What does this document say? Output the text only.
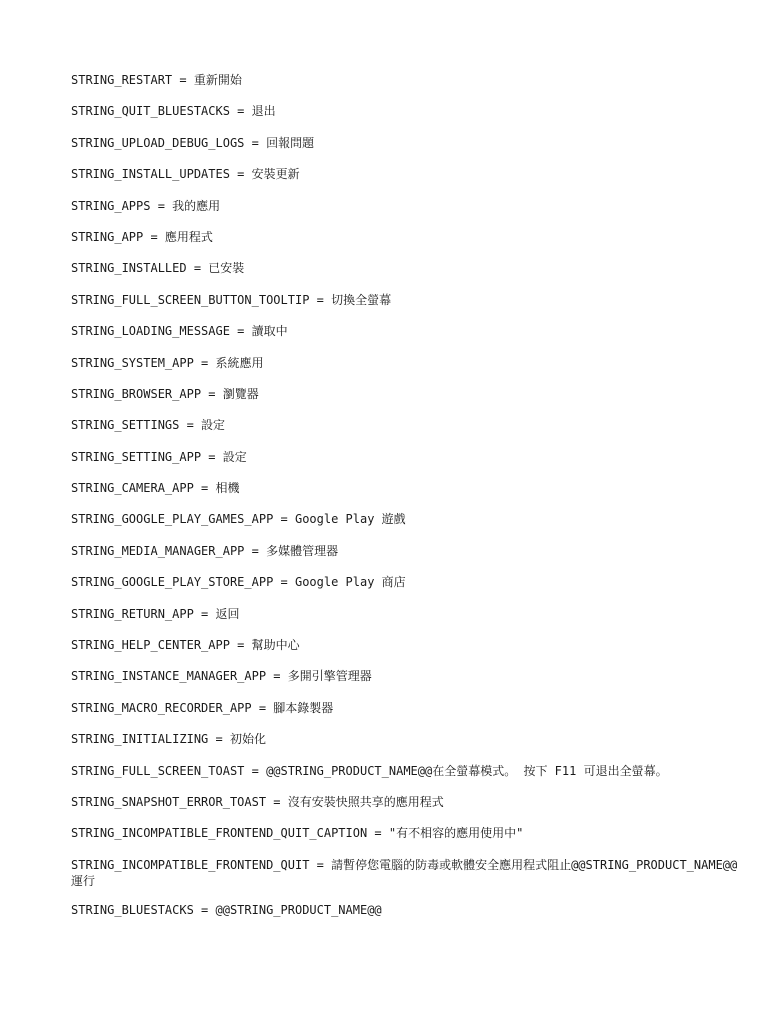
STRING_RESTART = 重新開始

STRING_QUIT_BLUESTACKS = 退出

STRING_UPLOAD_DEBUG_LOGS = 回報問題

STRING_INSTALL_UPDATES = 安裝更新

STRING_APPS = 我的應用

STRING_APP = 應用程式

STRING_INSTALLED = 已安裝

STRING_FULL_SCREEN_BUTTON_TOOLTIP = 切換全螢幕

STRING_LOADING_MESSAGE = 讀取中

STRING_SYSTEM_APP = 系統應用

STRING_BROWSER_APP = 瀏覽器

STRING_SETTINGS = 設定

STRING_SETTING_APP = 設定

STRING_CAMERA_APP = 相機

STRING_GOOGLE_PLAY_GAMES_APP = Google Play 遊戲

STRING_MEDIA_MANAGER_APP = 多媒體管理器

STRING_GOOGLE_PLAY_STORE_APP = Google Play 商店

STRING_RETURN_APP = 返回

STRING_HELP_CENTER_APP = 幫助中心

STRING_INSTANCE_MANAGER_APP = 多開引擎管理器

STRING_MACRO_RECORDER_APP = 腳本錄製器

STRING_INITIALIZING = 初始化

STRING_FULL_SCREEN_TOAST = @@STRING_PRODUCT_NAME@@在全螢幕模式。 按下 F11 可退出全螢幕。

STRING_SNAPSHOT_ERROR_TOAST = 沒有安裝快照共享的應用程式

STRING_INCOMPATIBLE_FRONTEND_QUIT_CAPTION = "有不相容的應用使用中"

STRING_INCOMPATIBLE_FRONTEND_QUIT = 請暫停您電腦的防毒或軟體安全應用程式阻止@@STRING_PRODUCT_NAME@@運行

STRING_BLUESTACKS = @@STRING_PRODUCT_NAME@@
